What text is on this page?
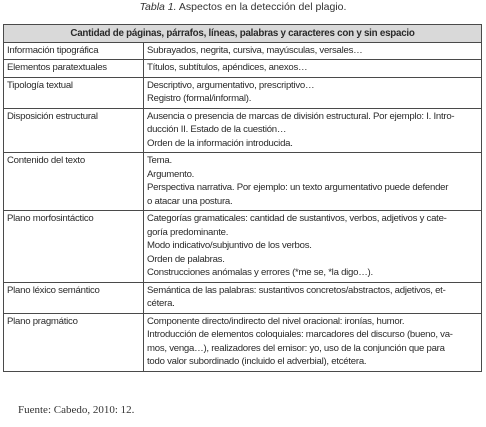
Tabla 1. Aspectos en la detección del plagio.
Cantidad de páginas, párrafos, líneas, palabras y caracteres con y sin espacio	
Información tipográfica	Subrayados, negrita, cursiva, mayúsculas, versales…

Elementos paratextuales	Títulos, subtítulos, apéndices, anexos…

Tipología textual	Descriptivo, argumentativo, prescriptivo…
Registro (formal/informal).

Disposición estructural	Ausencia o presencia de marcas de división estructural. Por ejemplo: I. Intro-
ducción II. Estado de la cuestión…
Orden de la información introducida.

Contenido del texto	Tema.
Argumento.
Perspectiva narrativa. Por ejemplo: un texto argumentativo puede defender
o atacar una postura.

Plano morfosintáctico	Categorías gramaticales: cantidad de sustantivos, verbos, adjetivos y cate-
goría predominante.
Modo indicativo/subjuntivo de los verbos.
Orden de palabras.
Construcciones anómalas y errores (*me se, *la digo…).

Plano léxico semántico	Semántica de las palabras: sustantivos concretos/abstractos, adjetivos, et-
cétera.

Plano pragmático	Componente directo/indirecto del nivel oracional: ironías, humor.
Introducción de elementos coloquiales: marcadores del discurso (bueno, va-
mos, venga…), realizadores del emisor: yo, uso de la conjunción que para
todo valor subordinado (incluido el adverbial), etcétera.
Fuente: Cabedo, 2010: 12.
